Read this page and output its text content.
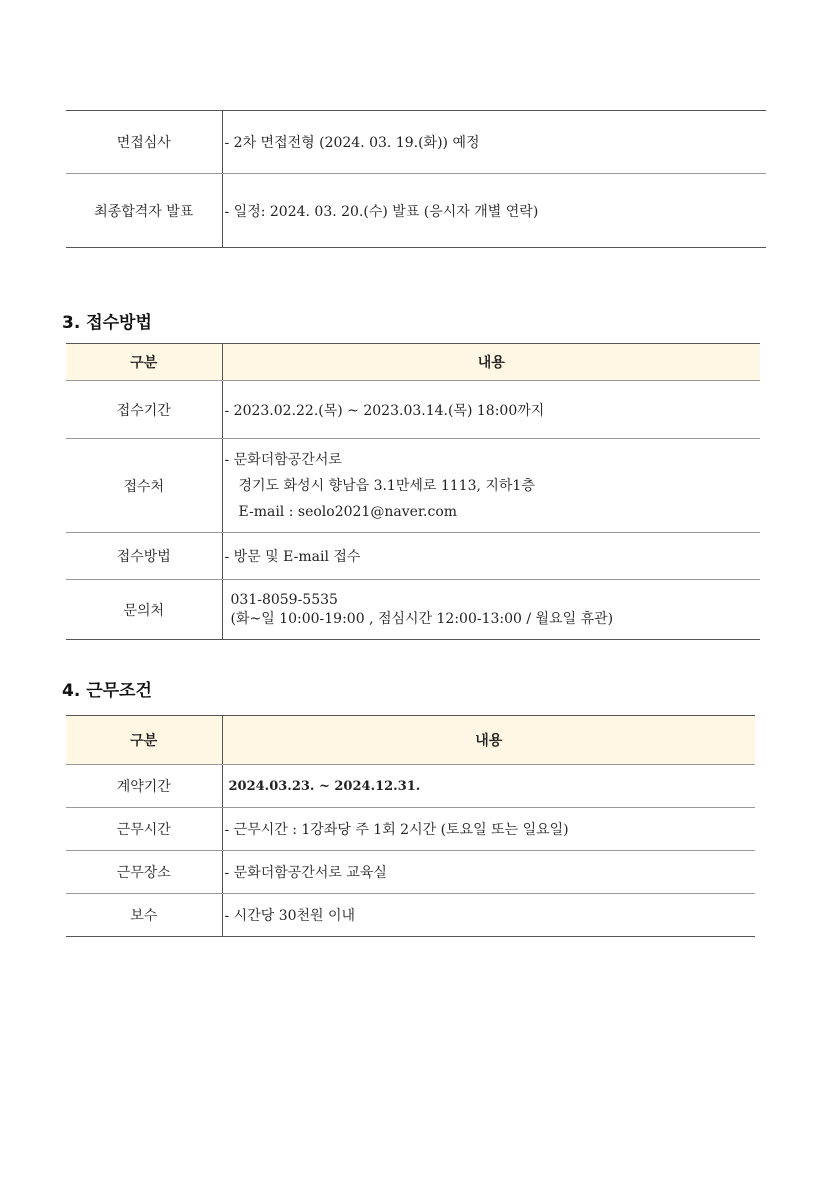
면접심사	- 2차 면접전형 (2024. 03. 19.(화)) 예정
최종합격자 발표	- 일정: 2024. 03. 20.(수) 발표 (응시자 개별 연락)
3. 접수방법
구분	내용
접수기간	- 2023.02.22.(목) ~ 2023.03.14.(목) 18:00까지
접수처	- 문화더함공간서로
경기도 화성시 향남읍 3.1만세로 1113, 지하1층
E-mail : seolo2021@naver.com

접수방법	- 방문 및 E-mail 접수
문의처	031-8059-5535
(화~일 10:00-19:00 , 점심시간 12:00-13:00 / 월요일 휴관)
4. 근무조건
구분	내용
계약기간	2024.03.23. ~ 2024.12.31.
근무시간	- 근무시간 : 1강좌당 주 1회 2시간 (토요일 또는 일요일)
근무장소	- 문화더함공간서로 교육실
보수	- 시간당 30천원 이내
